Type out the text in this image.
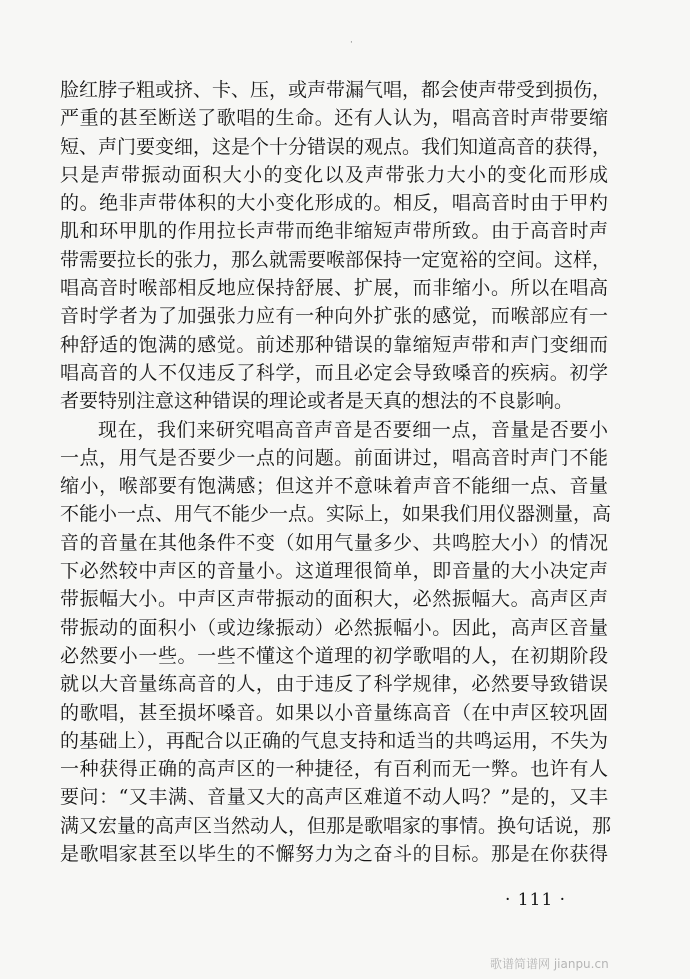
·
脸红脖子粗或挤、卡、压，或声带漏气唱，都会使声带受到损伤，
严重的甚至断送了歌唱的生命。还有人认为，唱高音时声带要缩
短、声门要变细，这是个十分错误的观点。我们知道高音的获得，
只是声带振动面积大小的变化以及声带张力大小的变化而形成
的。绝非声带体积的大小变化形成的。相反，唱高音时由于甲杓
肌和环甲肌的作用拉长声带而绝非缩短声带所致。由于高音时声
带需要拉长的张力，那么就需要喉部保持一定宽裕的空间。这样，
唱高音时喉部相反地应保持舒展、扩展，而非缩小。所以在唱高
音时学者为了加强张力应有一种向外扩张的感觉，而喉部应有一
种舒适的饱满的感觉。前述那种错误的靠缩短声带和声门变细而
唱高音的人不仅违反了科学，而且必定会导致嗓音的疾病。初学
者要特别注意这种错误的理论或者是天真的想法的不良影响。
现在，我们来研究唱高音声音是否要细一点，音量是否要小
一点，用气是否要少一点的问题。前面讲过，唱高音时声门不能
缩小，喉部要有饱满感；但这并不意味着声音不能细一点、音量
不能小一点、用气不能少一点。实际上，如果我们用仪器测量，高
音的音量在其他条件不变（如用气量多少、共鸣腔大小）的情况
下必然较中声区的音量小。这道理很简单，即音量的大小决定声
带振幅大小。中声区声带振动的面积大，必然振幅大。高声区声
带振动的面积小（或边缘振动）必然振幅小。因此，高声区音量
必然要小一些。一些不懂这个道理的初学歌唱的人，在初期阶段
就以大音量练高音的人，由于违反了科学规律，必然要导致错误
的歌唱，甚至损坏嗓音。如果以小音量练高音（在中声区较巩固
的基础上），再配合以正确的气息支持和适当的共鸣运用，不失为
一种获得正确的高声区的一种捷径，有百利而无一弊。也许有人
要问：“又丰满、音量又大的高声区难道不动人吗？”是的，又丰
满又宏量的高声区当然动人，但那是歌唱家的事情。换句话说，那
是歌唱家甚至以毕生的不懈努力为之奋斗的目标。那是在你获得
· 111 ·
歌谱简谱网 jianpu.cn
